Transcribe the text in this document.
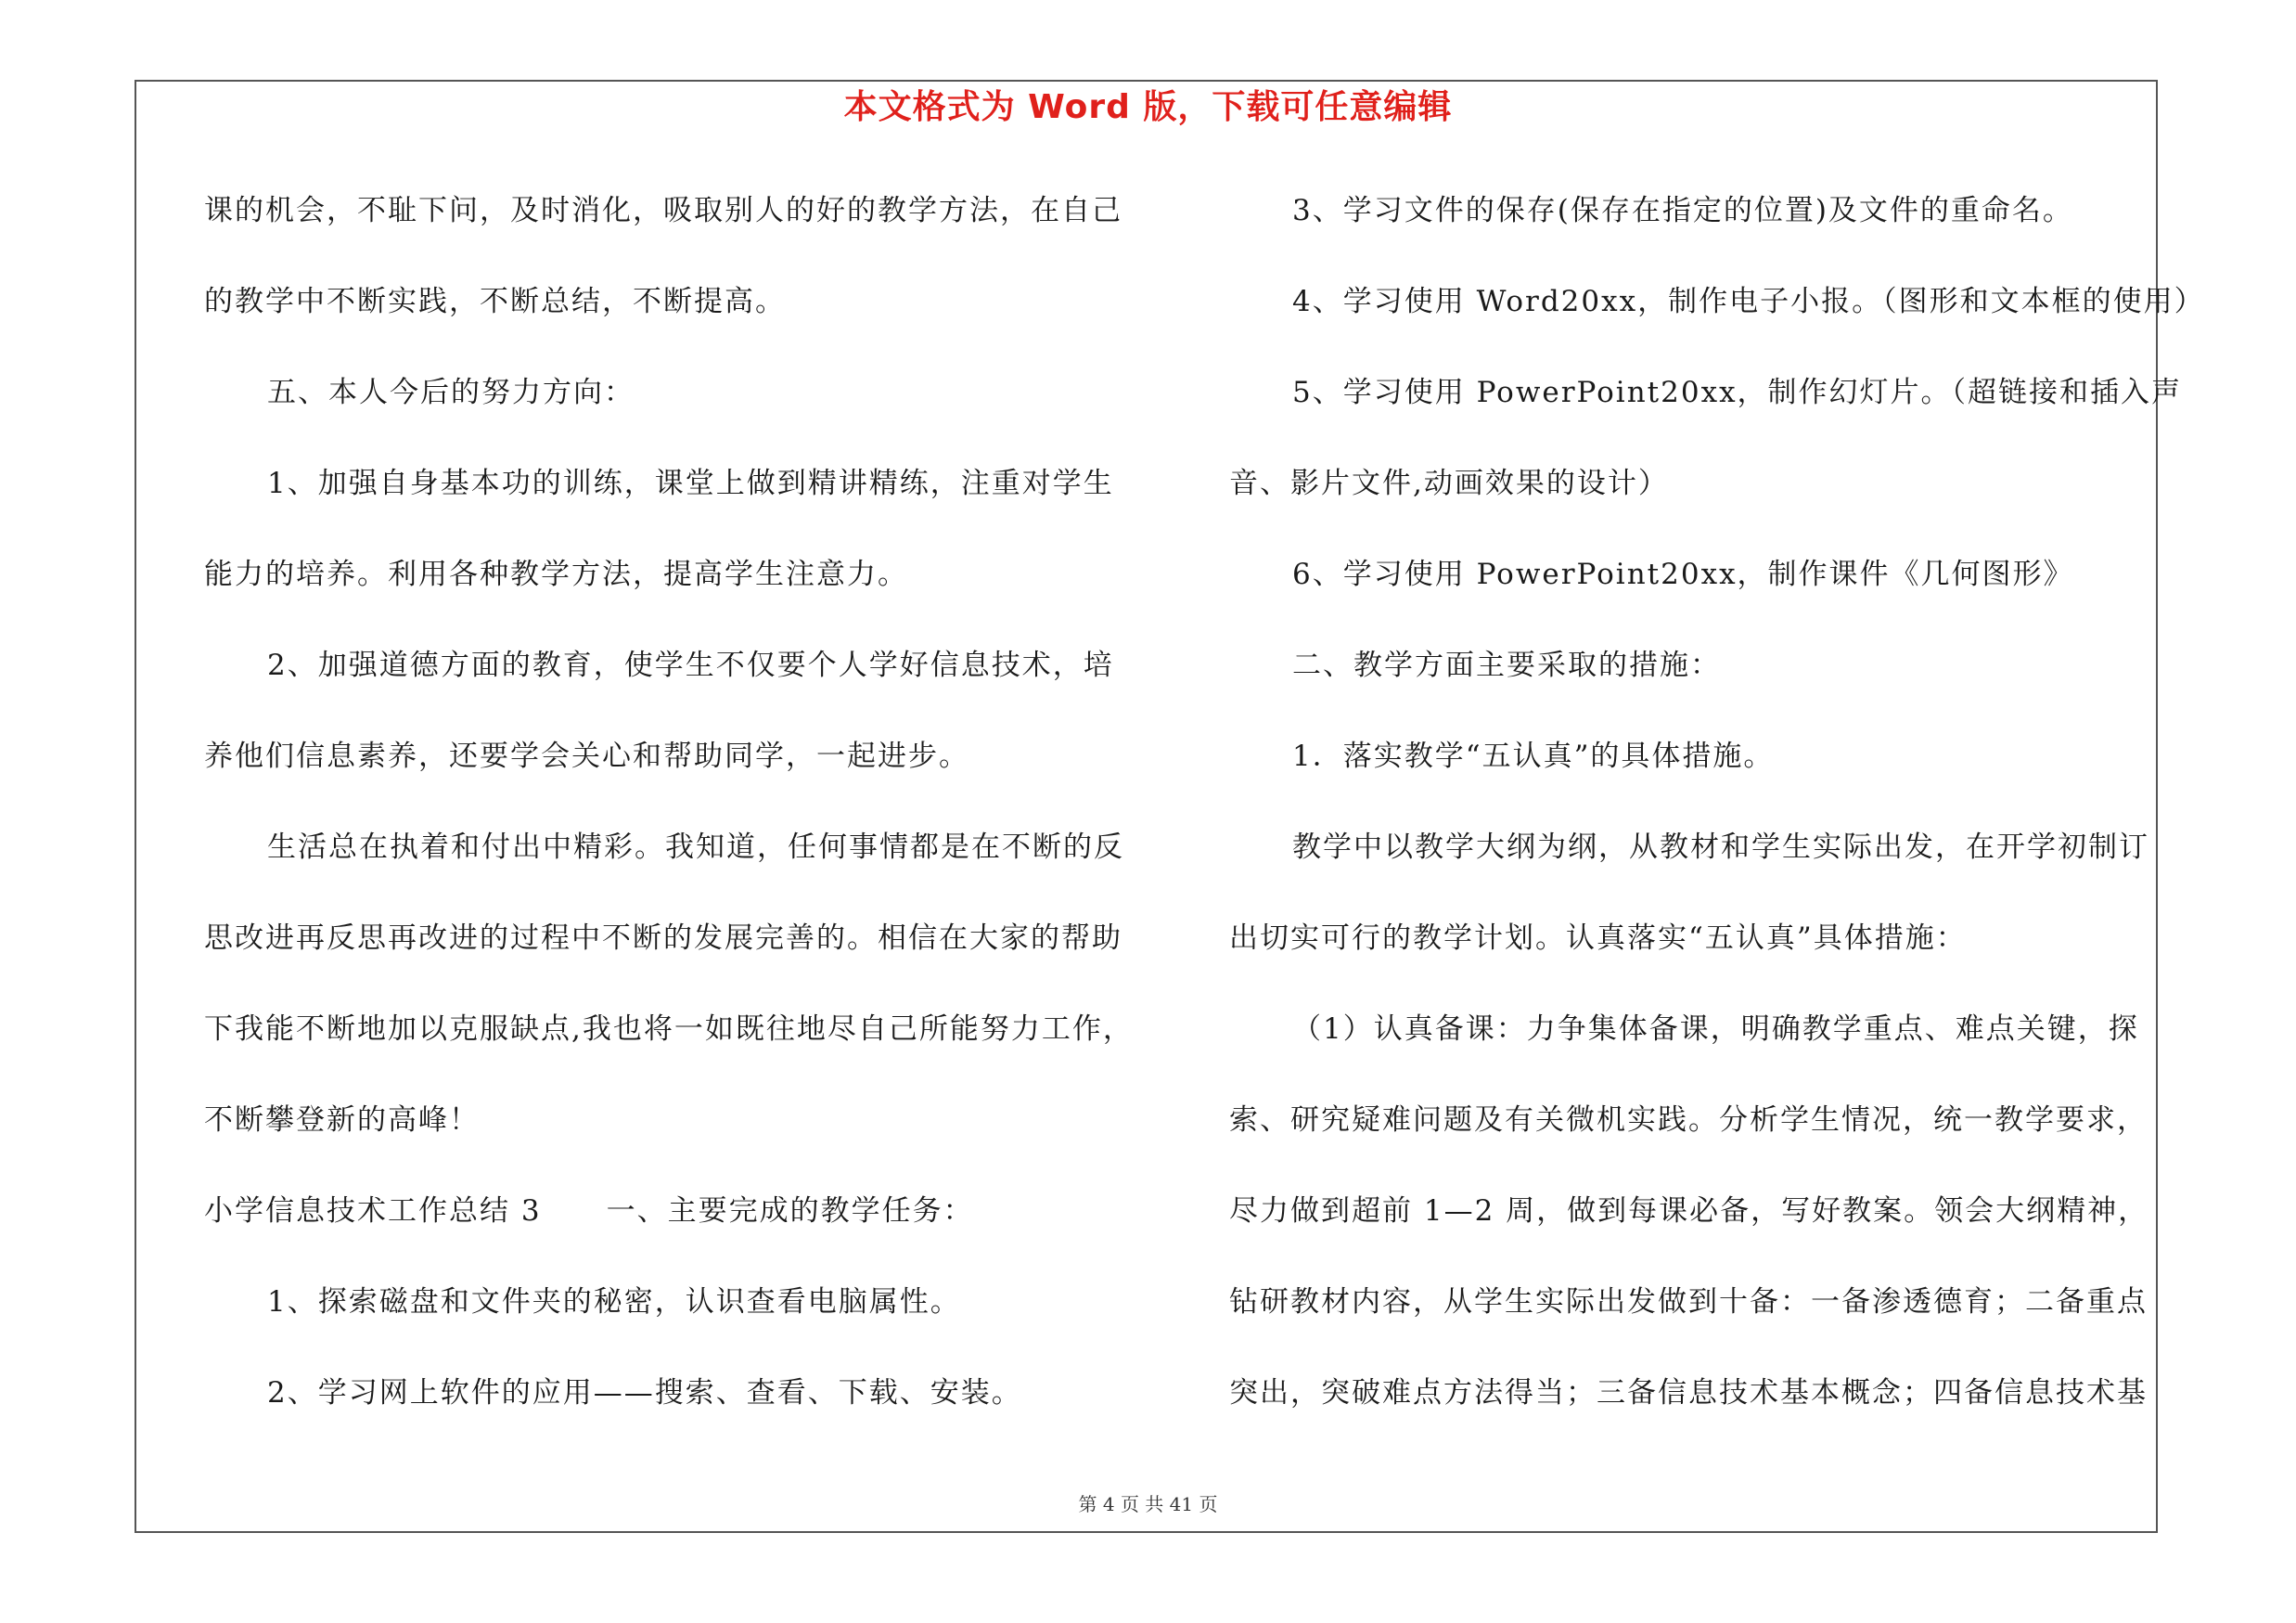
本文格式为 Word 版，下载可任意编辑
课的机会，不耻下问，及时消化，吸取别人的好的教学方法，在自己
的教学中不断实践，不断总结，不断提高。
五、本人今后的努力方向：
1、加强自身基本功的训练，课堂上做到精讲精练，注重对学生
能力的培养。利用各种教学方法，提高学生注意力。
2、加强道德方面的教育，使学生不仅要个人学好信息技术，培
养他们信息素养，还要学会关心和帮助同学，一起进步。
生活总在执着和付出中精彩。我知道，任何事情都是在不断的反
思改进再反思再改进的过程中不断的发展完善的。相信在大家的帮助
下我能不断地加以克服缺点,我也将一如既往地尽自己所能努力工作，
不断攀登新的高峰！
小学信息技术工作总结 3 一、主要完成的教学任务：
1、探索磁盘和文件夹的秘密，认识查看电脑属性。
2、学习网上软件的应用——搜索、查看、下载、安装。
3、学习文件的保存(保存在指定的位置)及文件的重命名。
4、学习使用 Word20xx，制作电子小报。（图形和文本框的使用）
5、学习使用 PowerPoint20xx，制作幻灯片。（超链接和插入声
音、影片文件,动画效果的设计）
6、学习使用 PowerPoint20xx，制作课件《几何图形》
二、教学方面主要采取的措施：
1．落实教学“五认真”的具体措施。
教学中以教学大纲为纲，从教材和学生实际出发，在开学初制订
出切实可行的教学计划。认真落实“五认真”具体措施：
（1）认真备课：力争集体备课，明确教学重点、难点关键，探
索、研究疑难问题及有关微机实践。分析学生情况，统一教学要求，
尽力做到超前 1—2 周，做到每课必备，写好教案。领会大纲精神，
钻研教材内容，从学生实际出发做到十备：一备渗透德育；二备重点
突出，突破难点方法得当；三备信息技术基本概念；四备信息技术基
第 4 页 共 41 页
